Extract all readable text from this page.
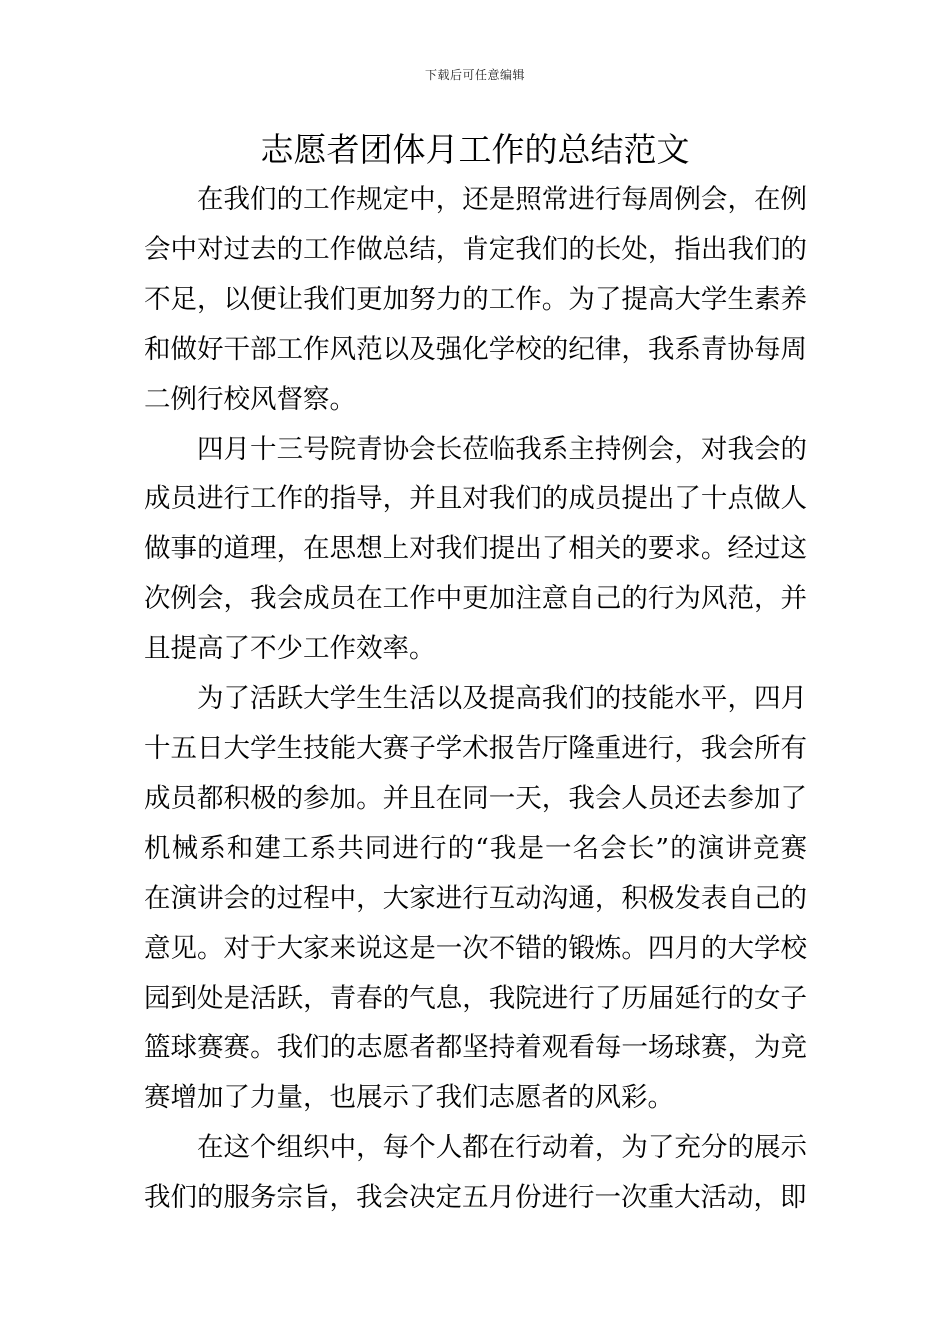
下载后可任意编辑
志愿者团体月工作的总结范文

在我们的工作规定中，还是照常进行每周例会，在例会中对过去的工作做总结，肯定我们的长处，指出我们的不足，以便让我们更加努力的工作。为了提高大学生素养和做好干部工作风范以及强化学校的纪律，我系青协每周二例行校风督察。

四月十三号院青协会长莅临我系主持例会，对我会的成员进行工作的指导，并且对我们的成员提出了十点做人做事的道理，在思想上对我们提出了相关的要求。经过这次例会，我会成员在工作中更加注意自己的行为风范，并且提高了不少工作效率。

为了活跃大学生生活以及提高我们的技能水平，四月十五日大学生技能大赛子学术报告厅隆重进行，我会所有成员都积极的参加。并且在同一天，我会人员还去参加了机械系和建工系共同进行的“我是一名会长”的演讲竞赛在演讲会的过程中，大家进行互动沟通，积极发表自己的意见。对于大家来说这是一次不错的锻炼。四月的大学校园到处是活跃，青春的气息，我院进行了历届延行的女子篮球赛赛。我们的志愿者都坚持着观看每一场球赛，为竞赛增加了力量，也展示了我们志愿者的风彩。

在这个组织中，每个人都在行动着，为了充分的展示我们的服务宗旨，我会决定五月份进行一次重大活动，即
